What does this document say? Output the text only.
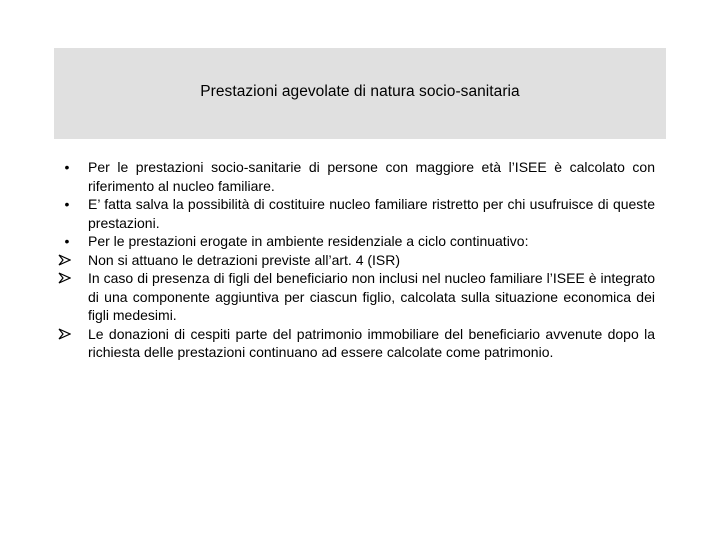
Prestazioni agevolate di natura socio-sanitaria
•	Per le prestazioni socio-sanitarie di persone con maggiore età l’ISEE è calcolato con riferimento al nucleo familiare.
•	E’ fatta salva la possibilità di costituire nucleo familiare ristretto per chi usufruisce di queste prestazioni.
•	Per le prestazioni erogate in ambiente residenziale a ciclo continuativo:
Non si attuano le detrazioni previste all’art. 4 (ISR)
In caso di presenza di figli del beneficiario non inclusi nel nucleo familiare l’ISEE è integrato di una componente aggiuntiva per ciascun figlio, calcolata sulla situazione economica dei figli medesimi.
Le donazioni di cespiti parte del patrimonio immobiliare del beneficiario avvenute dopo la richiesta delle prestazioni continuano ad essere calcolate come patrimonio.
